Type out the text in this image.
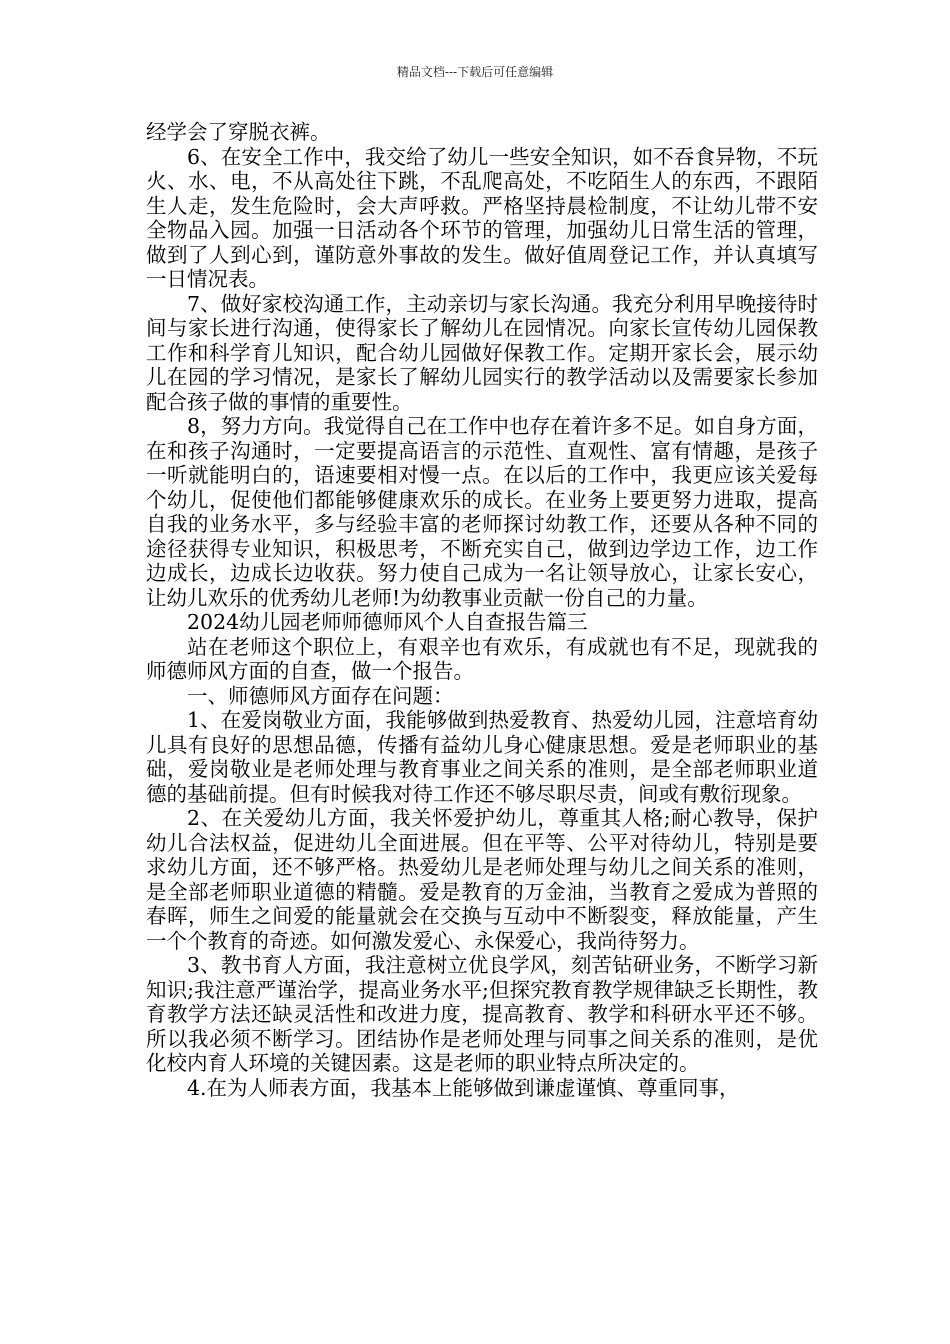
精品文档---下载后可任意编辑

经学会了穿脱衣裤。

6、在安全工作中，我交给了幼儿一些安全知识，如不吞食异物，不玩火、水、电，不从高处往下跳，不乱爬高处，不吃陌生人的东西，不跟陌生人走，发生危险时，会大声呼救。严格坚持晨检制度，不让幼儿带不安全物品入园。加强一日活动各个环节的管理，加强幼儿日常生活的管理，做到了人到心到，谨防意外事故的发生。做好值周登记工作，并认真填写一日情况表。

7、做好家校沟通工作，主动亲切与家长沟通。我充分利用早晚接待时间与家长进行沟通，使得家长了解幼儿在园情况。向家长宣传幼儿园保教工作和科学育儿知识，配合幼儿园做好保教工作。定期开家长会，展示幼儿在园的学习情况，是家长了解幼儿园实行的教学活动以及需要家长参加配合孩子做的事情的重要性。

8，努力方向。我觉得自己在工作中也存在着许多不足。如自身方面，在和孩子沟通时，一定要提高语言的示范性、直观性、富有情趣，是孩子一听就能明白的，语速要相对慢一点。在以后的工作中，我更应该关爱每个幼儿，促使他们都能够健康欢乐的成长。在业务上要更努力进取，提高自我的业务水平，多与经验丰富的老师探讨幼教工作，还要从各种不同的途径获得专业知识，积极思考，不断充实自己，做到边学边工作，边工作边成长，边成长边收获。努力使自己成为一名让领导放心，让家长安心，让幼儿欢乐的优秀幼儿老师!为幼教事业贡献一份自己的力量。

2024幼儿园老师师德师风个人自查报告篇三

站在老师这个职位上，有艰辛也有欢乐，有成就也有不足，现就我的师德师风方面的自查，做一个报告。

一、师德师风方面存在问题：

1、在爱岗敬业方面，我能够做到热爱教育、热爱幼儿园，注意培育幼儿具有良好的思想品德，传播有益幼儿身心健康思想。爱是老师职业的基础，爱岗敬业是老师处理与教育事业之间关系的准则，是全部老师职业道德的基础前提。但有时候我对待工作还不够尽职尽责，间或有敷衍现象。

2、在关爱幼儿方面，我关怀爱护幼儿，尊重其人格;耐心教导，保护幼儿合法权益，促进幼儿全面进展。但在平等、公平对待幼儿，特别是要求幼儿方面，还不够严格。热爱幼儿是老师处理与幼儿之间关系的准则，是全部老师职业道德的精髓。爱是教育的万金油，当教育之爱成为普照的春晖，师生之间爱的能量就会在交换与互动中不断裂变，释放能量，产生一个个教育的奇迹。如何激发爱心、永保爱心，我尚待努力。

3、教书育人方面，我注意树立优良学风，刻苦钻研业务，不断学习新知识;我注意严谨治学，提高业务水平;但探究教育教学规律缺乏长期性，教育教学方法还缺灵活性和改进力度，提高教育、教学和科研水平还不够。所以我必须不断学习。团结协作是老师处理与同事之间关系的准则，是优化校内育人环境的关键因素。这是老师的职业特点所决定的。

4.在为人师表方面，我基本上能够做到谦虚谨慎、尊重同事，
